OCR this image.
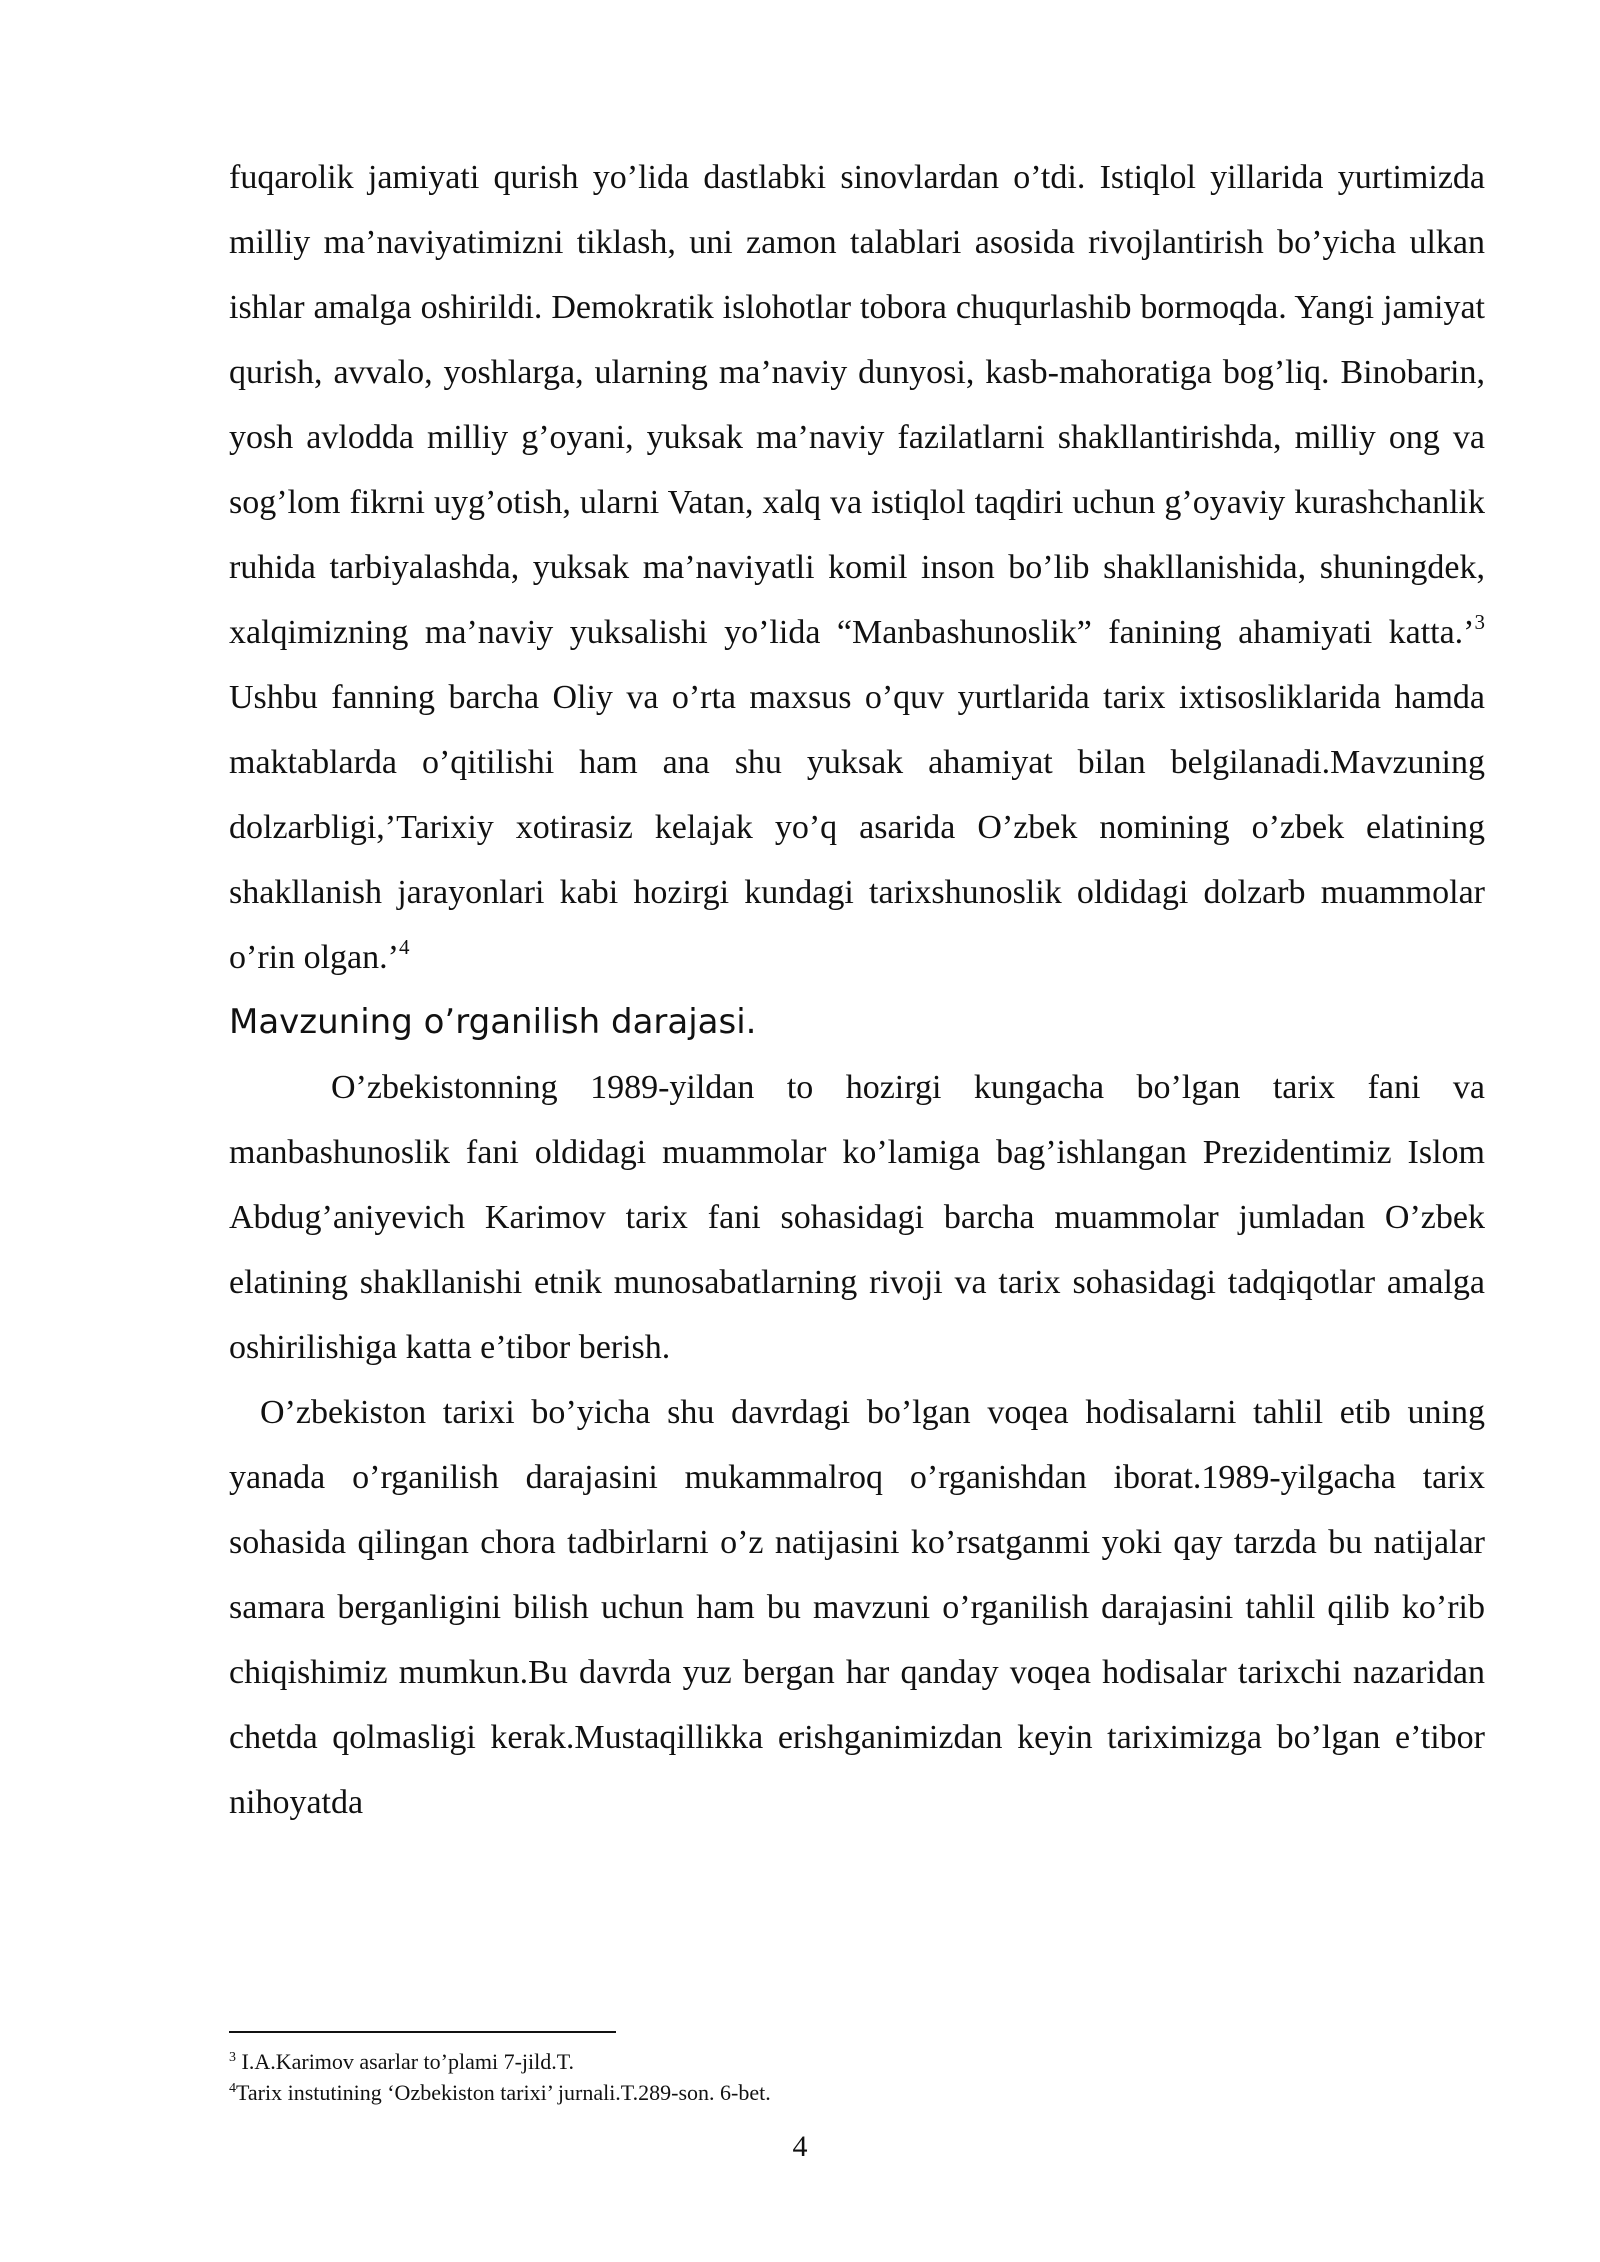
fuqarolik jamiyati qurish yo’lida dastlabki sinovlardan o’tdi. Istiqlol yillarida yurtimizda milliy ma’naviyatimizni tiklash, uni zamon talablari asosida rivojlantirish bo’yicha ulkan ishlar amalga oshirildi. Demokratik islohotlar tobora chuqurlashib bormoqda. Yangi jamiyat qurish, avvalo, yoshlarga, ularning ma’naviy dunyosi, kasb-mahoratiga bog’liq. Binobarin, yosh avlodda milliy g’oyani, yuksak ma’naviy fazilatlarni shakllantirishda, milliy ong va sog’lom fikrni uyg’otish, ularni Vatan, xalq va istiqlol taqdiri uchun g’oyaviy kurashchanlik ruhida tarbiyalashda, yuksak ma’naviyatli komil inson bo’lib shakllanishida, shuningdek, xalqimizning ma’naviy yuksalishi yo’lida “Manbashunoslik” fanining ahamiyati katta.’$^3$ Ushbu fanning barcha Oliy va o’rta maxsus o’quv yurtlarida tarix ixtisosliklarida hamda maktablarda o’qitilishi ham ana shu yuksak ahamiyat bilan belgilanadi.Mavzuning dolzarbligi,’Tarixiy xotirasiz kelajak yo’q asarida O’zbek nomining o’zbek elatining shakllanish jarayonlari kabi hozirgi kundagi tarixshunoslik oldidagi dolzarb muammolar o’rin olgan.’$^4$

Mavzuning o’rganilish darajasi.

O’zbekistonning 1989-yildan to hozirgi kungacha bo’lgan tarix fani va manbashunoslik fani oldidagi muammolar ko’lamiga bag’ishlangan Prezidentimiz Islom Abdug’aniyevich Karimov tarix fani sohasidagi barcha muammolar jumladan O’zbek elatining shakllanishi etnik munosabatlarning rivoji va tarix sohasidagi tadqiqotlar amalga oshirilishiga katta e’tibor berish.

O’zbekiston tarixi bo’yicha shu davrdagi bo’lgan voqea hodisalarni tahlil etib uning yanada o’rganilish darajasini mukammalroq o’rganishdan iborat.1989-yilgacha tarix sohasida qilingan chora tadbirlarni o’z natijasini ko’rsatganmi yoki qay tarzda bu natijalar samara berganligini bilish uchun ham bu mavzuni o’rganilish darajasini tahlil qilib ko’rib chiqishimiz mumkun.Bu davrda yuz bergan har qanday voqea hodisalar tarixchi nazaridan chetda qolmasligi kerak.Mustaqillikka erishganimizdan keyin tariximizga bo’lgan e’tibor nihoyatda

$^3$ I.A.Karimov asarlar to’plami 7-jild.T.

$^4$Tarix instutining ‘Ozbekiston tarixi’ jurnali.T.289-son. 6-bet.

4
